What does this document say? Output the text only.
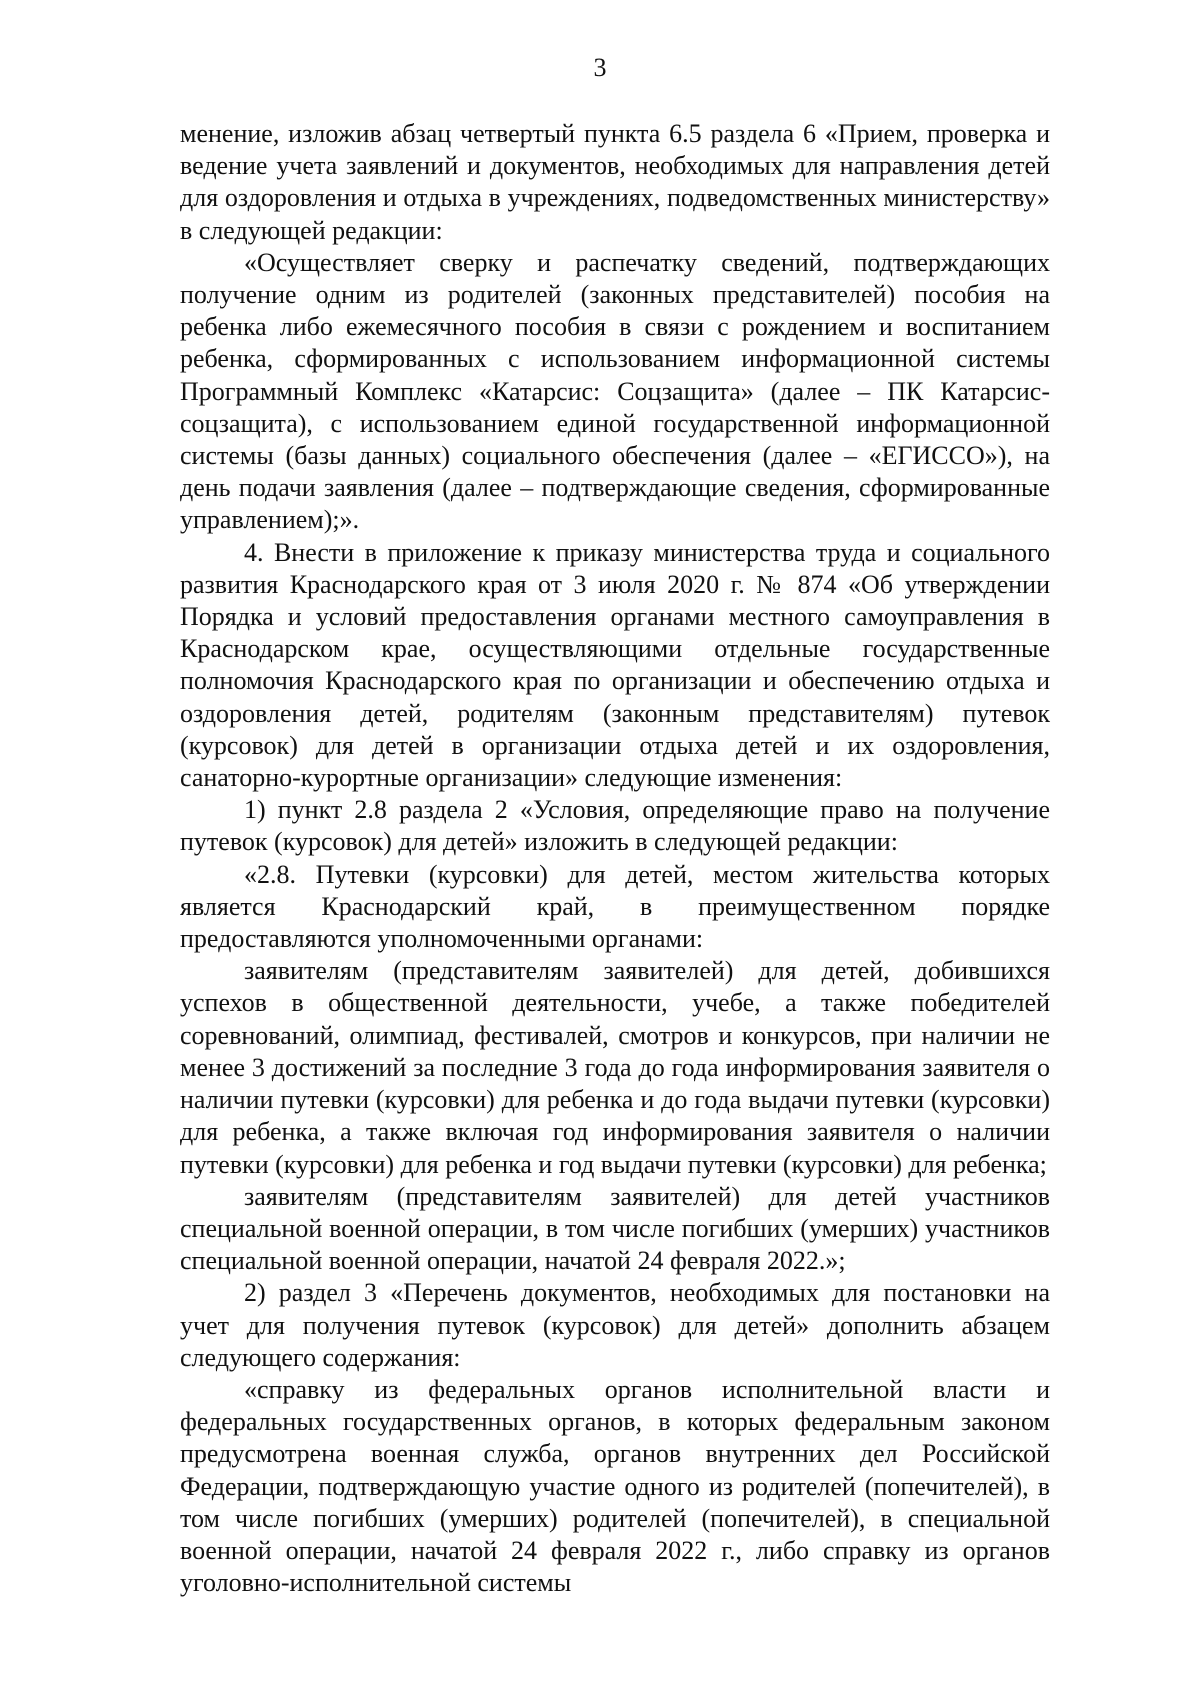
3

менение, изложив абзац четвертый пункта 6.5 раздела 6 «Прием, проверка и ведение учета заявлений и документов, необходимых для направления детей для оздоровления и отдыха в учреждениях, подведомственных министерству» в следующей редакции:

«Осуществляет сверку и распечатку сведений, подтверждающих получение одним из родителей (законных представителей) пособия на ребенка либо ежемесячного пособия в связи с рождением и воспитанием ребенка, сформированных с использованием информационной системы Программный Комплекс «Катарсис: Соцзащита» (далее – ПК Катарсис-соцзащита), с использованием единой государственной информационной системы (базы данных) социального обеспечения (далее – «ЕГИССО»), на день подачи заявления (далее – подтверждающие сведения, сформированные управлением);».

4. Внести в приложение к приказу министерства труда и социального развития Краснодарского края от 3 июля 2020 г. № 874 «Об утверждении Порядка и условий предоставления органами местного самоуправления в Краснодарском крае, осуществляющими отдельные государственные полномочия Краснодарского края по организации и обеспечению отдыха и оздоровления детей, родителям (законным представителям) путевок (курсовок) для детей в организации отдыха детей и их оздоровления, санаторно-курортные организации» следующие изменения:

1) пункт 2.8 раздела 2 «Условия, определяющие право на получение путевок (курсовок) для детей» изложить в следующей редакции:

«2.8. Путевки (курсовки) для детей, местом жительства которых является Краснодарский край, в преимущественном порядке предоставляются уполномоченными органами:

заявителям (представителям заявителей) для детей, добившихся успехов в общественной деятельности, учебе, а также победителей соревнований, олимпиад, фестивалей, смотров и конкурсов, при наличии не менее 3 достижений за последние 3 года до года информирования заявителя о наличии путевки (курсовки) для ребенка и до года выдачи путевки (курсовки) для ребенка, а также включая год информирования заявителя о наличии путевки (курсовки) для ребенка и год выдачи путевки (курсовки) для ребенка;

заявителям (представителям заявителей) для детей участников специальной военной операции, в том числе погибших (умерших) участников специальной военной операции, начатой 24 февраля 2022.»;

2) раздел 3 «Перечень документов, необходимых для постановки на учет для получения путевок (курсовок) для детей» дополнить абзацем следующего содержания:

«справку из федеральных органов исполнительной власти и федеральных государственных органов, в которых федеральным законом предусмотрена военная служба, органов внутренних дел Российской Федерации, подтверждающую участие одного из родителей (попечителей), в том числе погибших (умерших) родителей (попечителей), в специальной военной операции, начатой 24 февраля 2022 г., либо справку из органов уголовно-исполнительной системы
